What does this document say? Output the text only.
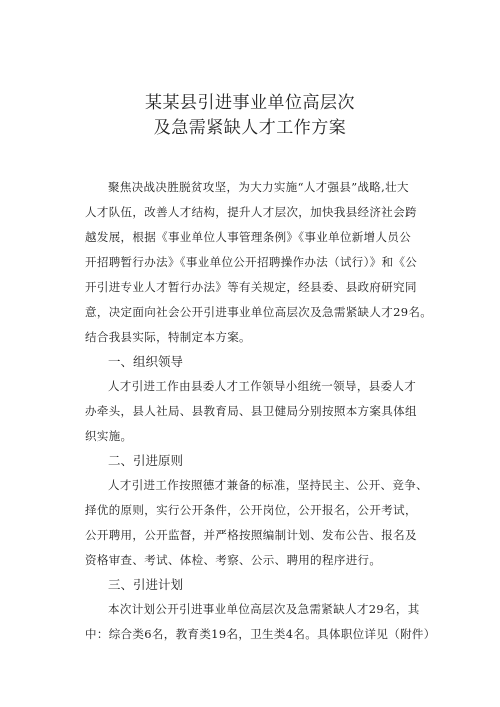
某某县引进事业单位高层次
及急需紧缺人才工作方案
聚焦决战决胜脱贫攻坚，为大力实施“人才强县”战略,壮大
人才队伍，改善人才结构，提升人才层次，加快我县经济社会跨
越发展，根据《事业单位人事管理条例》《事业单位新增人员公
开招聘暂行办法》《事业单位公开招聘操作办法（试行）》和《公
开引进专业人才暂行办法》等有关规定，经县委、县政府研究同
意，决定面向社会公开引进事业单位高层次及急需紧缺人才29名。
结合我县实际，特制定本方案。
一、组织领导
人才引进工作由县委人才工作领导小组统一领导，县委人才
办牵头，县人社局、县教育局、县卫健局分别按照本方案具体组
织实施。
二、引进原则
人才引进工作按照德才兼备的标准，坚持民主、公开、竞争、
择优的原则，实行公开条件，公开岗位，公开报名，公开考试，
公开聘用，公开监督，并严格按照编制计划、发布公告、报名及
资格审查、考试、体检、考察、公示、聘用的程序进行。
三、引进计划
本次计划公开引进事业单位高层次及急需紧缺人才29名，其
中：综合类6名，教育类19名，卫生类4名。具体职位详见（附件）
